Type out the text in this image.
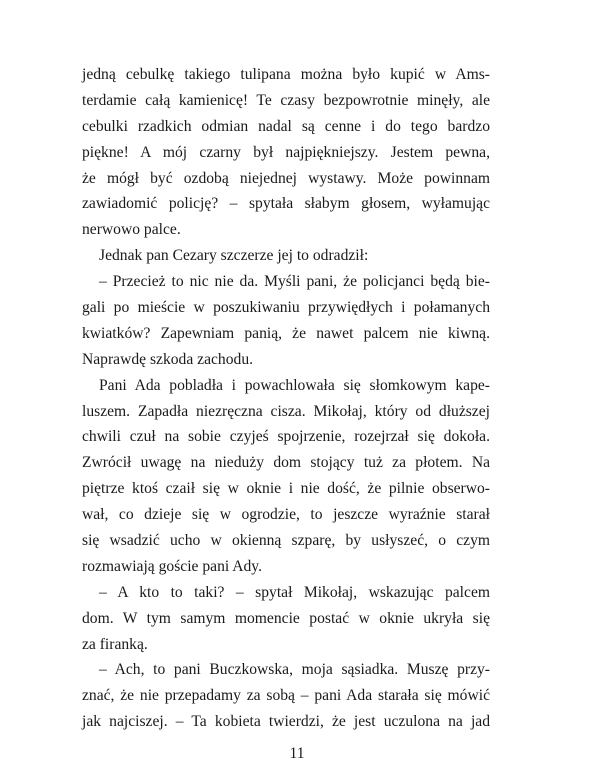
jedną cebulkę takiego tulipana można było kupić w Ams-
terdamie całą kamienicę! Te czasy bezpowrotnie minęły, ale
cebulki rzadkich odmian nadal są cenne i do tego bardzo
piękne! A mój czarny był najpiękniejszy. Jestem pewna,
że mógł być ozdobą niejednej wystawy. Może powinnam
zawiadomić policję? – spytała słabym głosem, wyłamując
nerwowo palce.
Jednak pan Cezary szczerze jej to odradził:
– Przecież to nic nie da. Myśli pani, że policjanci będą bie-
gali po mieście w poszukiwaniu przywiędłych i połamanych
kwiatków? Zapewniam panią, że nawet palcem nie kiwną.
Naprawdę szkoda zachodu.
Pani Ada pobladła i powachlowała się słomkowym kape-
luszem. Zapadła niezręczna cisza. Mikołaj, który od dłuższej
chwili czuł na sobie czyjeś spojrzenie, rozejrzał się dokoła.
Zwrócił uwagę na nieduży dom stojący tuż za płotem. Na
piętrze ktoś czaił się w oknie i nie dość, że pilnie obserwo-
wał, co dzieje się w ogrodzie, to jeszcze wyraźnie starał
się wsadzić ucho w okienną szparę, by usłyszeć, o czym
rozmawiają goście pani Ady.
– A kto to taki? – spytał Mikołaj, wskazując palcem
dom. W tym samym momencie postać w oknie ukryła się
za firanką.
– Ach, to pani Buczkowska, moja sąsiadka. Muszę przy-
znać, że nie przepadamy za sobą – pani Ada starała się mówić
jak najciszej. – Ta kobieta twierdzi, że jest uczulona na jad
11
